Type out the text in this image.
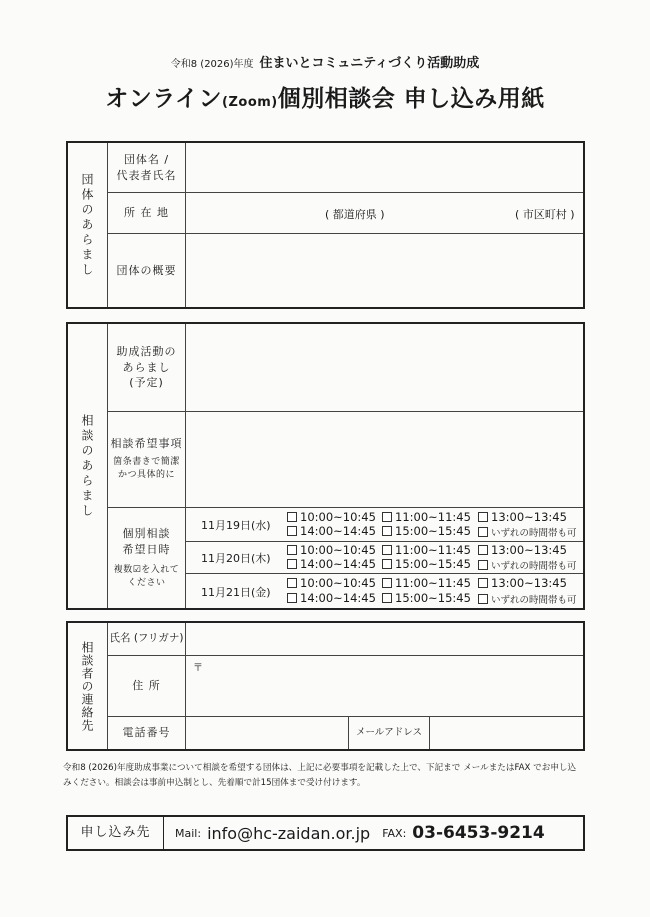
令和8 (2026)年度 住まいとコミュニティづくり活動助成
オンライン(Zoom)個別相談会 申し込み用紙
団体のあらまし
団体名 /
代表者氏名
所 在 地	( 都道府県 )	( 市区町村 )
団体の概要
相談のあらまし
助成活動の
あらまし
(予定)
相談希望事項
箇条書きで簡潔
かつ具体的に
個別相談
希望日時
複数☑を入れて
ください
11月19日(水)
10:00~10:45	11:00~11:45	13:00~13:45
14:00~14:45	15:00~15:45	いずれの時間帯も可
11月20日(木)
10:00~10:45	11:00~11:45	13:00~13:45
14:00~14:45	15:00~15:45	いずれの時間帯も可
11月21日(金)
10:00~10:45	11:00~11:45	13:00~13:45
14:00~14:45	15:00~15:45	いずれの時間帯も可
相談者の連絡先
氏名 (フリガナ)
住 所
〒
電話番号	メールアドレス
令和8 (2026)年度助成事業について相談を希望する団体は、上記に必要事項を記載した上で、下記まで メールまたはFAX でお申し込みください。相談会は事前申込制とし、先着順で計15団体まで受け付けます。
申し込み先	Mail: info@hc-zaidan.or.jp FAX: 03-6453-9214
